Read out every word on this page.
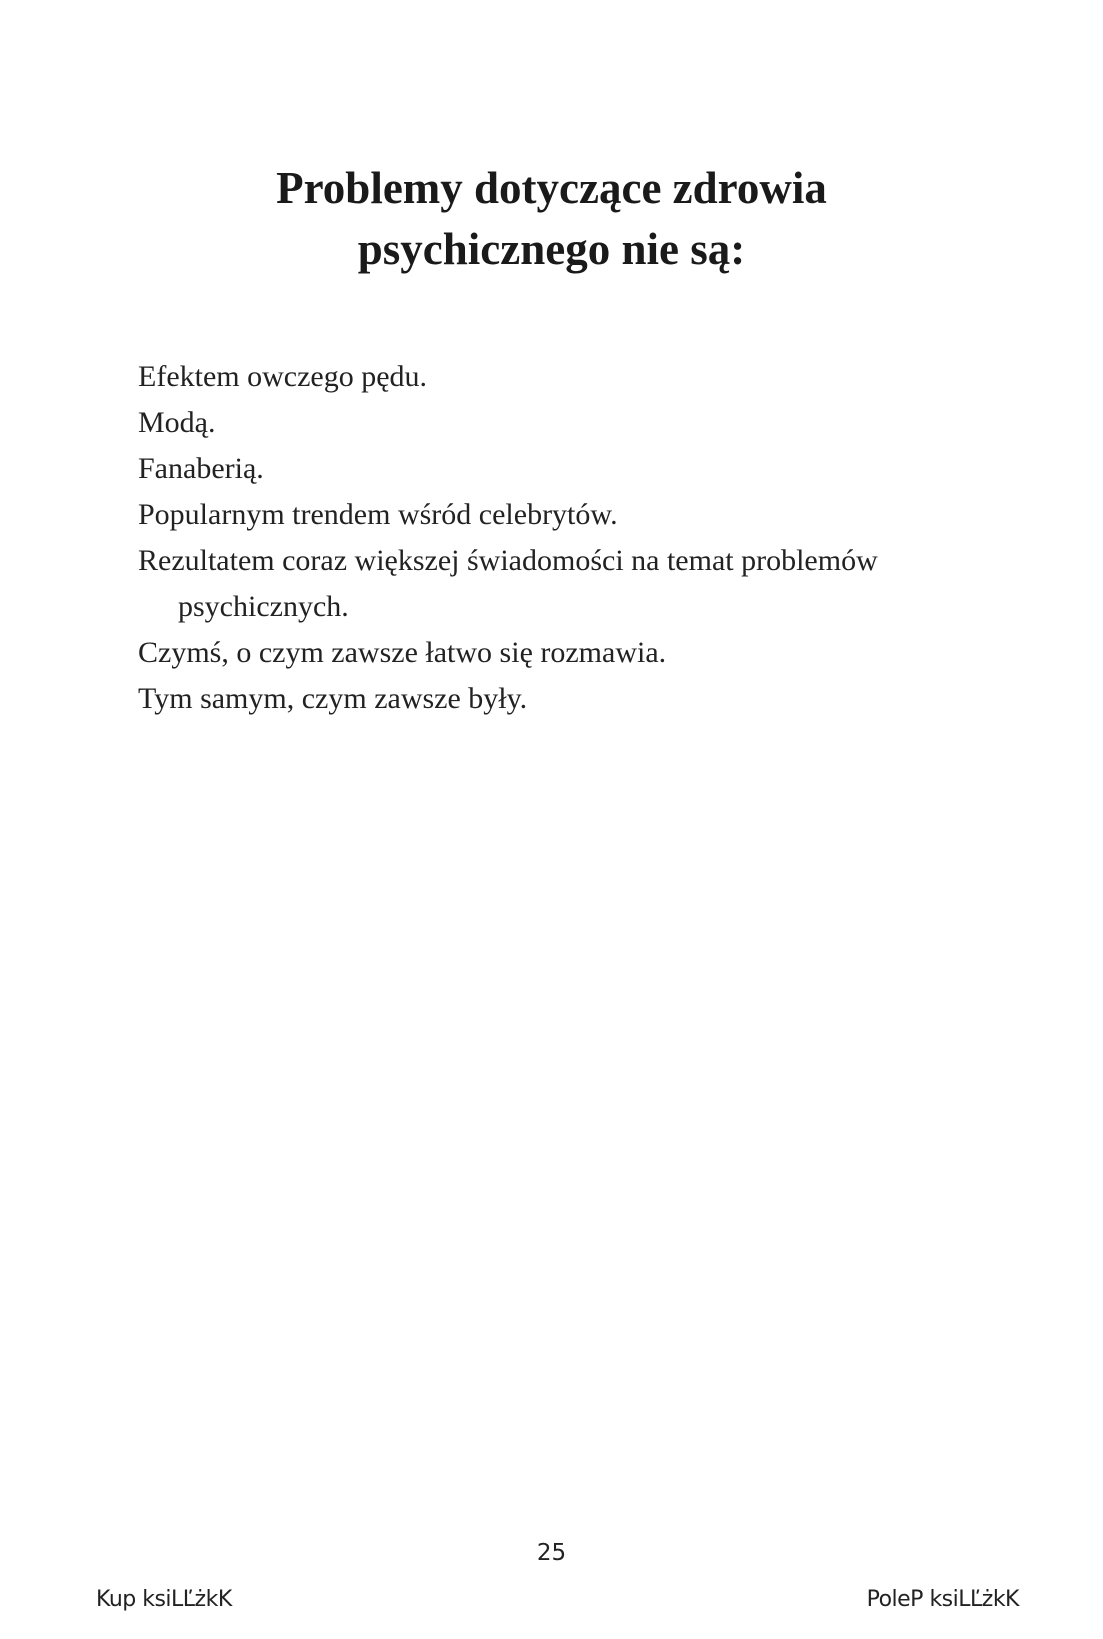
Problemy dotyczące zdrowia
psychicznego nie są:
Efektem owczego pędu.
Modą.
Fanaberią.
Popularnym trendem wśród celebrytów.
Rezultatem coraz większej świadomości na temat problemów
psychicznych.
Czymś, o czym zawsze łatwo się rozmawia.
Tym samym, czym zawsze były.
25
Kup ksiLĽżkK	PoleP ksiLĽżkK
